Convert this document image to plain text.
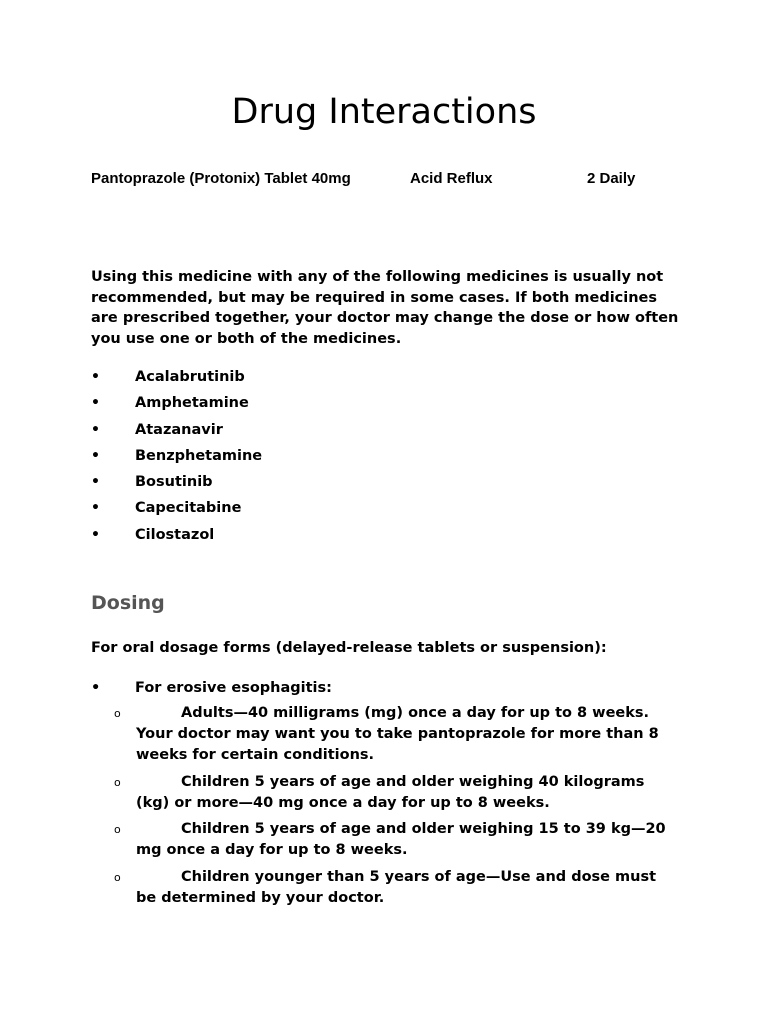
Drug Interactions
Pantoprazole (Protonix) Tablet 40mg	Acid Reflux	2 Daily

Using this medicine with any of the following medicines is usually not recommended, but may be required in some cases. If both medicines are prescribed together, your doctor may change the dose or how often you use one or both of the medicines.

• Acalabrutinib
• Amphetamine
• Atazanavir
• Benzphetamine
• Bosutinib
• Capecitabine
• Cilostazol
Dosing

For oral dosage forms (delayed-release tablets or suspension):

• For erosive esophagitis:
o	Adults—40 milligrams (mg) once a day for up to 8 weeks. Your doctor may want you to take pantoprazole for more than 8 weeks for certain conditions.
o	Children 5 years of age and older weighing 40 kilograms (kg) or more—40 mg once a day for up to 8 weeks.
o	Children 5 years of age and older weighing 15 to 39 kg—20 mg once a day for up to 8 weeks.
o	Children younger than 5 years of age—Use and dose must be determined by your doctor.
